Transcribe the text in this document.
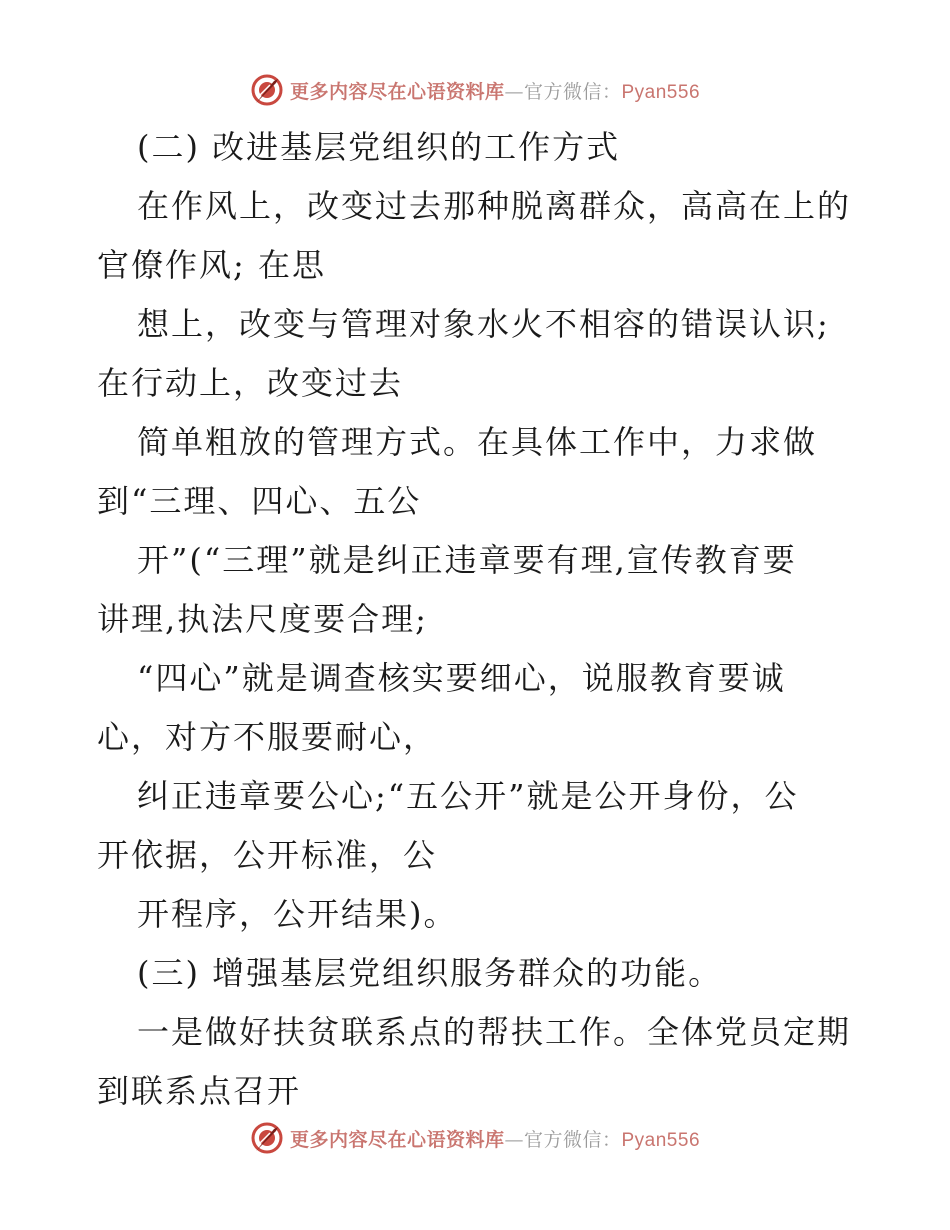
更多内容尽在心语资料库—官方微信：Pyan556

(二) 改进基层党组织的工作方式

在作风上，改变过去那种脱离群众，高高在上的

官僚作风; 在思

想上，改变与管理对象水火不相容的错误认识;

在行动上，改变过去

简单粗放的管理方式。在具体工作中，力求做

到“三理、四心、五公

开”(“三理”就是纠正违章要有理,宣传教育要

讲理,执法尺度要合理;

“四心”就是调查核实要细心，说服教育要诚

心，对方不服要耐心，

纠正违章要公心;“五公开”就是公开身份，公

开依据，公开标准，公

开程序，公开结果)。

(三) 增强基层党组织服务群众的功能。

一是做好扶贫联系点的帮扶工作。全体党员定期

到联系点召开

更多内容尽在心语资料库—官方微信：Pyan556
